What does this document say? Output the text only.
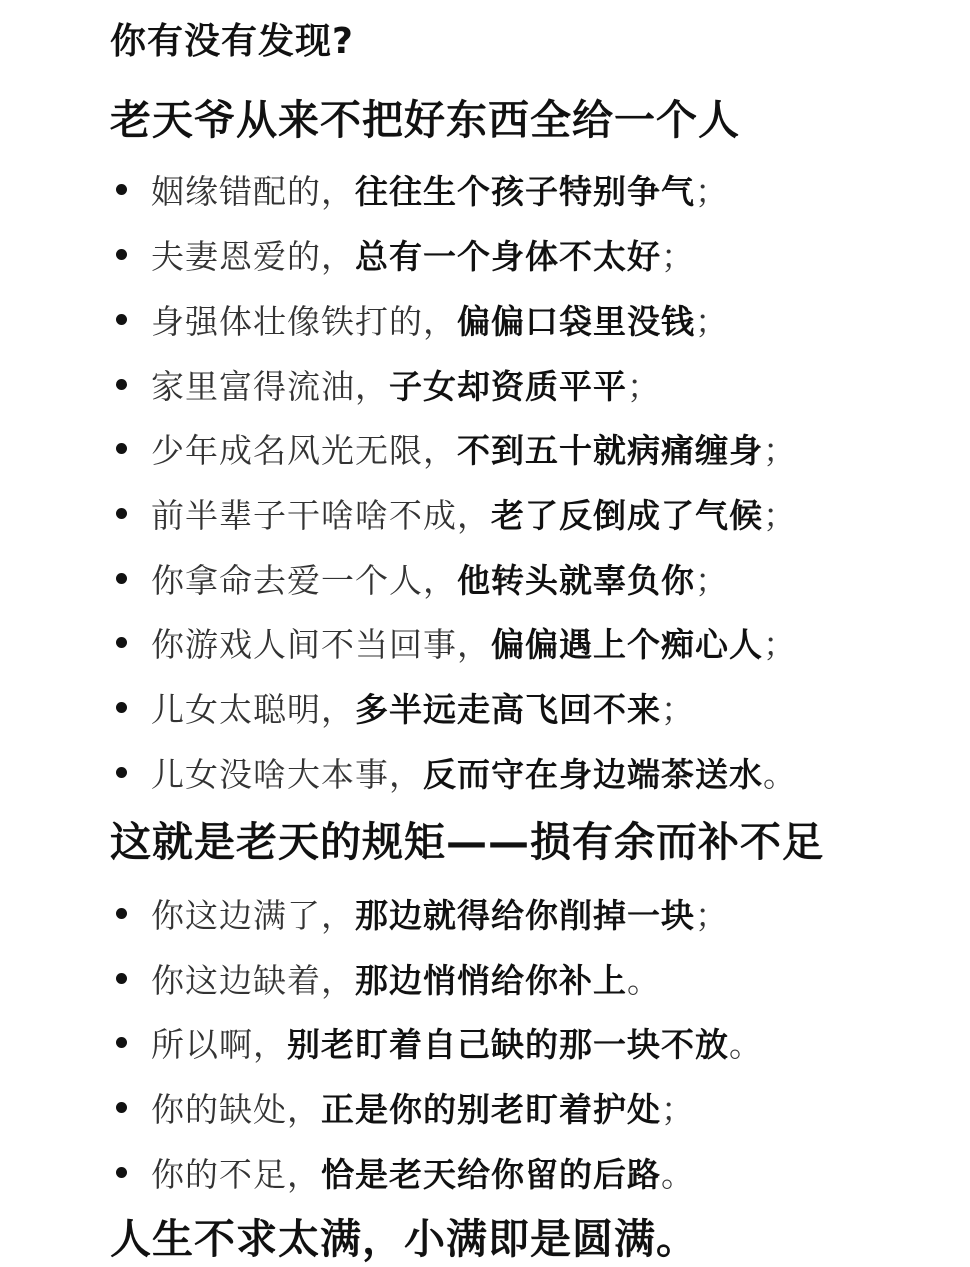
你有没有发现?
老天爷从来不把好东西全给一个人
姻缘错配的， 往往生个孩子特别争气 ；
夫妻恩爱的， 总有一个身体不太好 ；
身强体壮像铁打的， 偏偏口袋里没钱 ；
家里富得流油， 子女却资质平平 ；
少年成名风光无限， 不到五十就病痛缠身 ；
前半辈子干啥啥不成， 老了反倒成了气候 ；
你拿命去爱一个人， 他转头就辜负你 ；
你游戏人间不当回事， 偏偏遇上个痴心人 ；
儿女太聪明， 多半远走高飞回不来 ；
儿女没啥大本事， 反而守在身边端茶送水 。
这就是老天的规矩——损有余而补不足
你这边满了， 那边就得给你削掉一块 ；
你这边缺着， 那边悄悄给你补上 。
所以啊， 别老盯着自己缺的那一块不放 。
你的缺处， 正是你的别老盯着护处 ；
你的不足， 恰是老天给你留的后路 。
人生不求太满，小满即是圆满。
